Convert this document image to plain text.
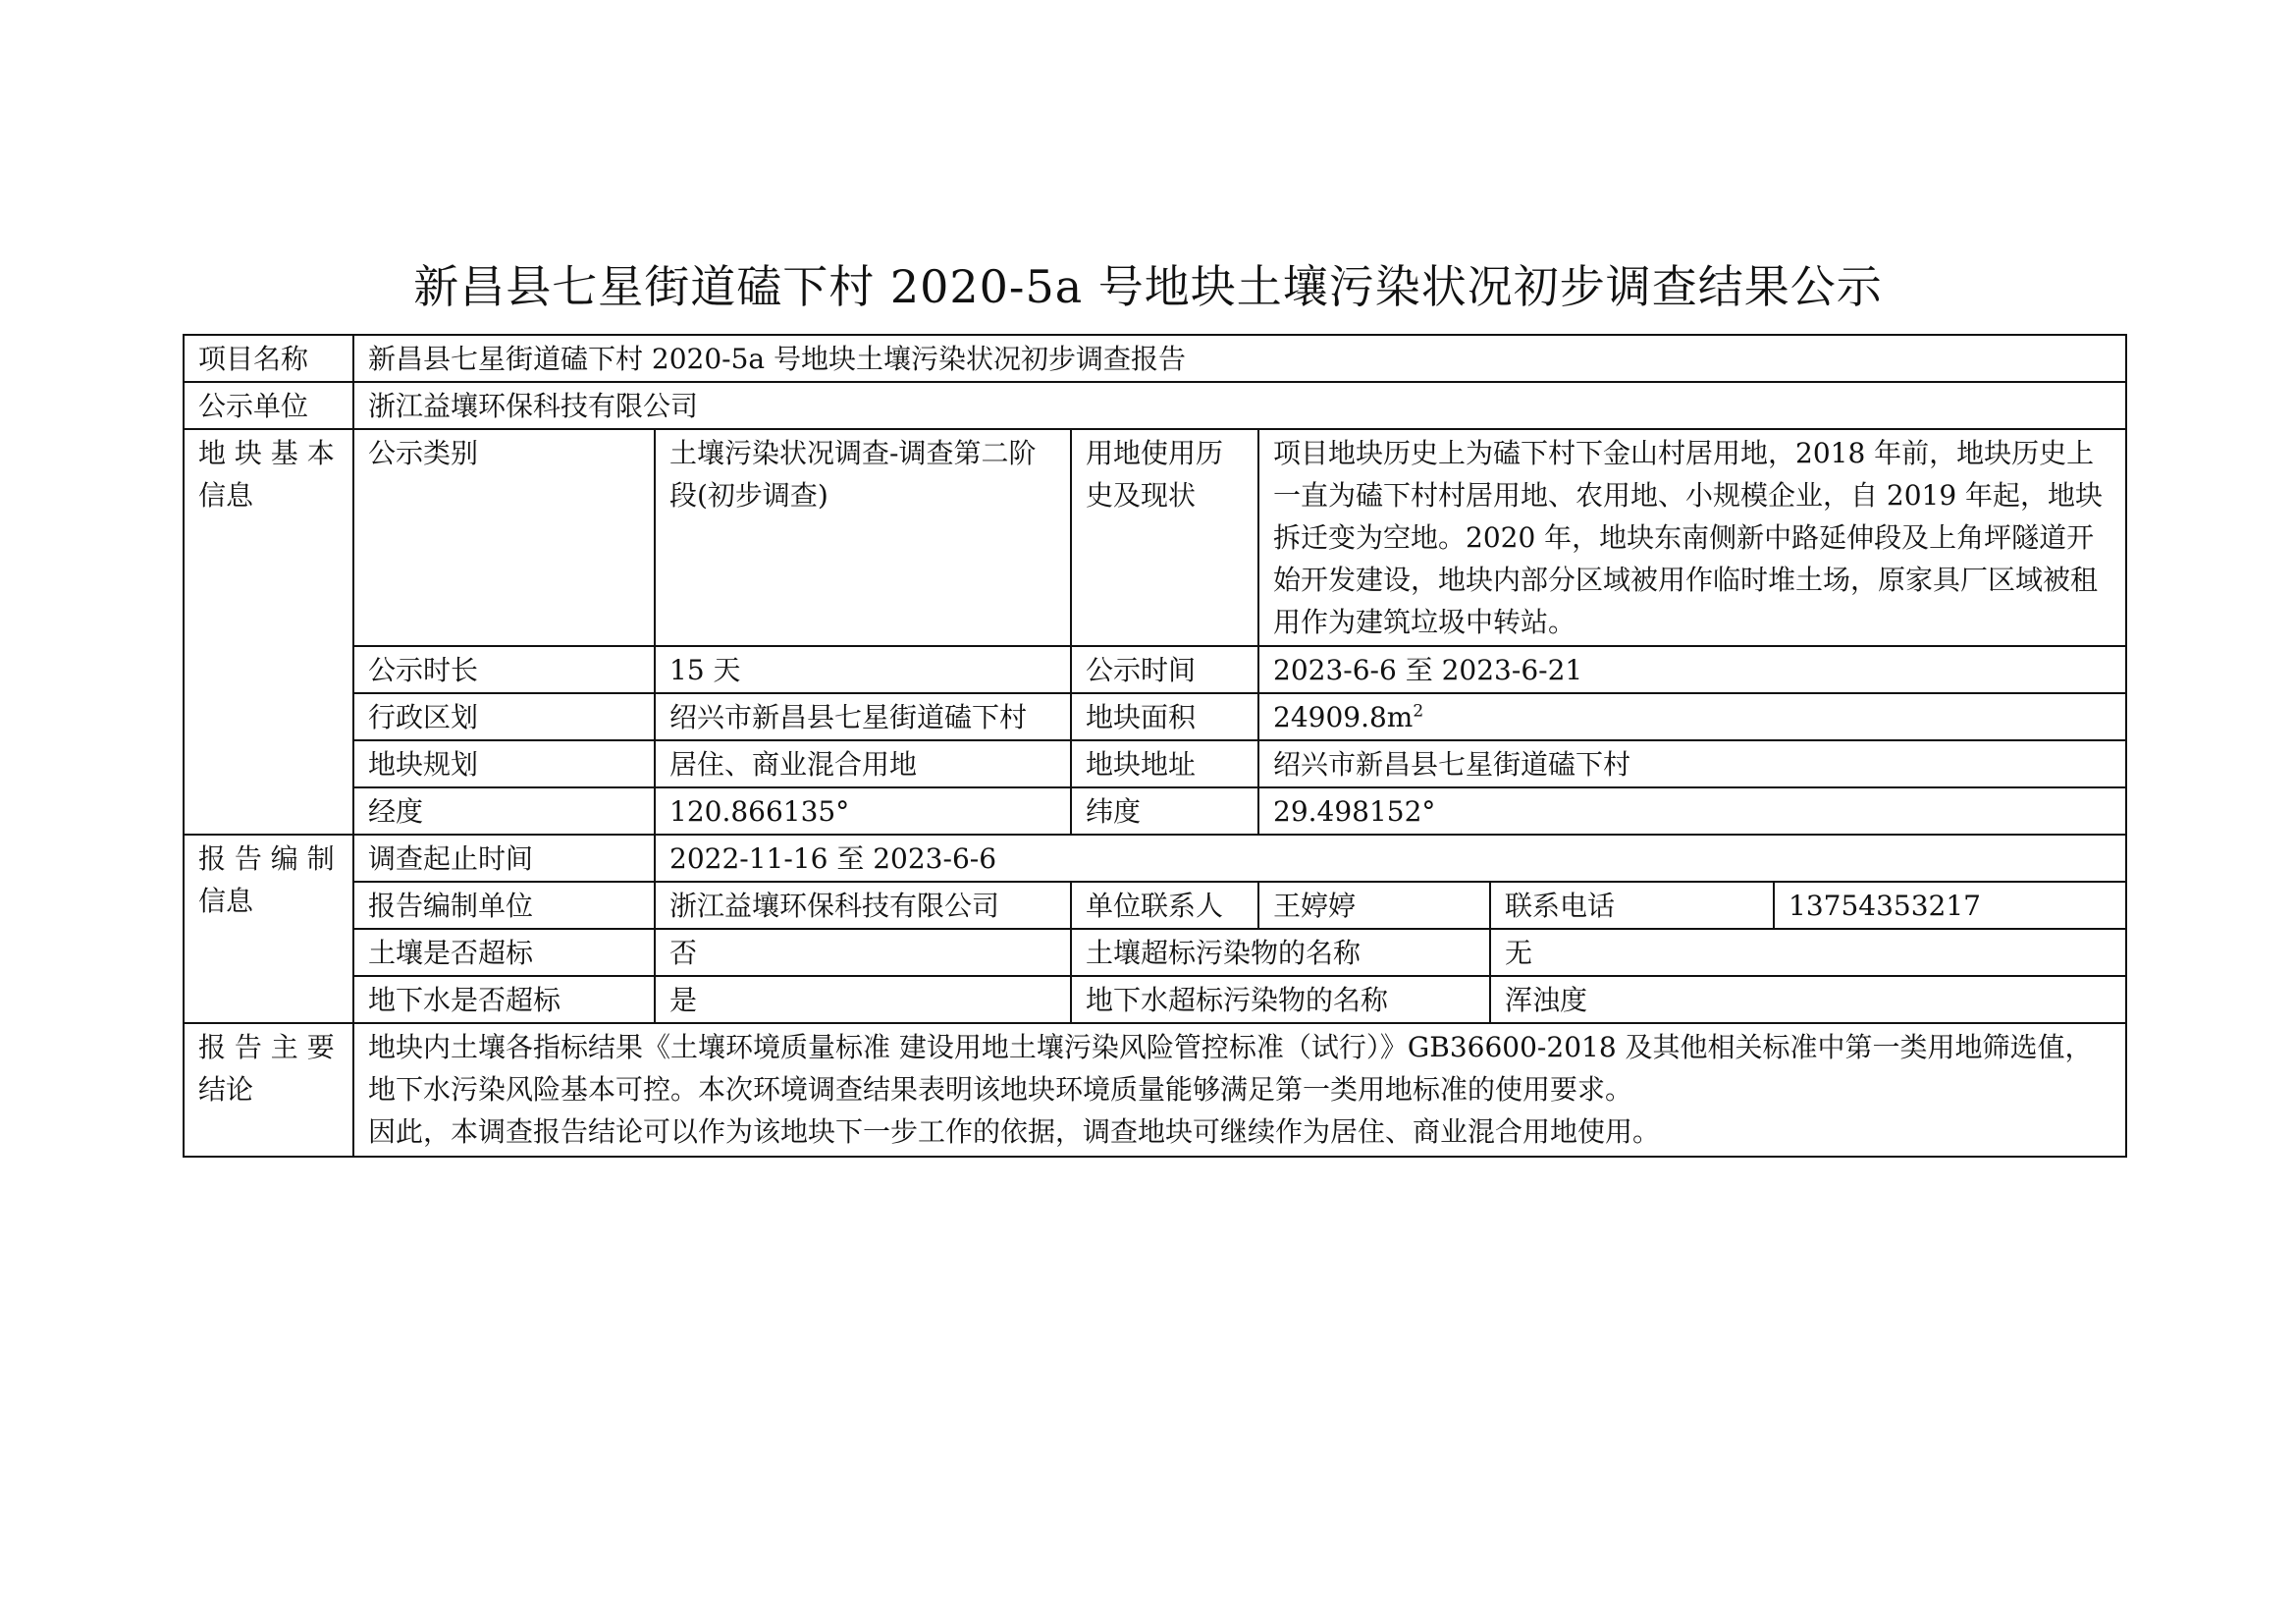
新昌县七星街道磕下村 2020-5a 号地块土壤污染状况初步调查结果公示
项目名称	新昌县七星街道磕下村 2020-5a 号地块土壤污染状况初步调查报告					
公示单位	浙江益壤环保科技有限公司					
地 块 基 本 信息	公示类别	土壤污染状况调查-调查第二阶段(初步调查)	用地使用历史及现状	项目地块历史上为磕下村下金山村居用地，2018 年前，地块历史上一直为磕下村村居用地、农用地、小规模企业，自 2019 年起，地块拆迁变为空地。2020 年，地块东南侧新中路延伸段及上角坪隧道开始开发建设，地块内部分区域被用作临时堆土场，原家具厂区域被租用作为建筑垃圾中转站。		
	公示时长	15 天	公示时间	2023-6-6 至 2023-6-21		
	行政区划	绍兴市新昌县七星街道磕下村	地块面积	$24909.8m^2$
	地块规划	居住、商业混合用地	地块地址	绍兴市新昌县七星街道磕下村		
	经度	120.866135°	纬度	29.498152°		
报 告 编 制 信息	调查起止时间	2022-11-16 至 2023-6-6				
	报告编制单位	浙江益壤环保科技有限公司	单位联系人	王婷婷	联系电话	13754353217
	土壤是否超标	否	土壤超标污染物的名称		无	
	地下水是否超标	是	地下水超标污染物的名称		浑浊度	
报 告 主 要 结论	地块内土壤各指标结果《土壤环境质量标准 建设用地土壤污染风险管控标准（试行）》GB36600-2018 及其他相关标准中第一类用地筛选值，地下水污染风险基本可控。本次环境调查结果表明该地块环境质量能够满足第一类用地标准的使用要求。
因此，本调查报告结论可以作为该地块下一步工作的依据，调查地块可继续作为居住、商业混合用地使用。					
